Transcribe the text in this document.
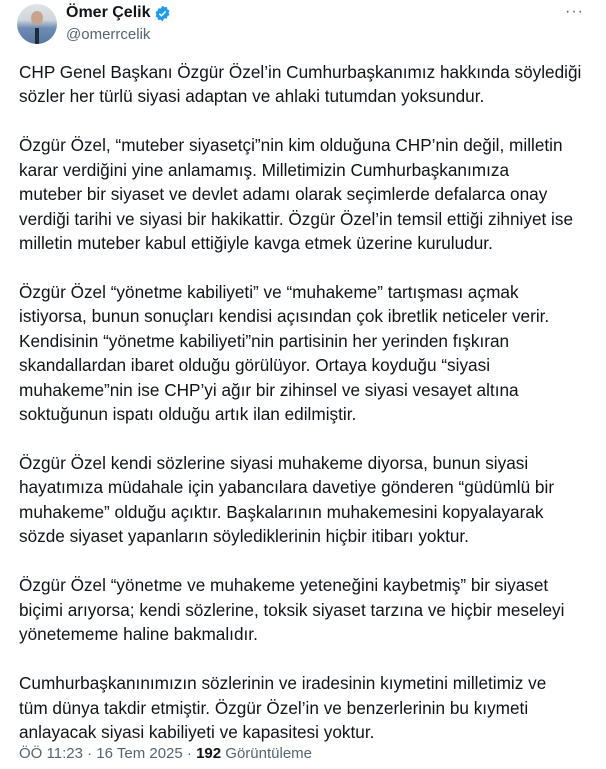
Ömer Çelik
@omerrcelik
···
CHP Genel Başkanı Özgür Özel’in Cumhurbaşkanımız hakkında söylediği
sözler her türlü siyasi adaptan ve ahlaki tutumdan yoksundur.
Özgür Özel, “muteber siyasetçi”nin kim olduğuna CHP’nin değil, milletin
karar verdiğini yine anlamamış. Milletimizin Cumhurbaşkanımıza
muteber bir siyaset ve devlet adamı olarak seçimlerde defalarca onay
verdiği tarihi ve siyasi bir hakikattir. Özgür Özel’in temsil ettiği zihniyet ise
milletin muteber kabul ettiğiyle kavga etmek üzerine kuruludur.
Özgür Özel “yönetme kabiliyeti” ve “muhakeme” tartışması açmak
istiyorsa, bunun sonuçları kendisi açısından çok ibretlik neticeler verir.
Kendisinin “yönetme kabiliyeti”nin partisinin her yerinden fışkıran
skandallardan ibaret olduğu görülüyor. Ortaya koyduğu “siyasi
muhakeme”nin ise CHP’yi ağır bir zihinsel ve siyasi vesayet altına
soktuğunun ispatı olduğu artık ilan edilmiştir.
Özgür Özel kendi sözlerine siyasi muhakeme diyorsa, bunun siyasi
hayatımıza müdahale için yabancılara davetiye gönderen “güdümlü bir
muhakeme” olduğu açıktır. Başkalarının muhakemesini kopyalayarak
sözde siyaset yapanların söylediklerinin hiçbir itibarı yoktur.
Özgür Özel “yönetme ve muhakeme yeteneğini kaybetmiş” bir siyaset
biçimi arıyorsa; kendi sözlerine, toksik siyaset tarzına ve hiçbir meseleyi
yönetememe haline bakmalıdır.
Cumhurbaşkanınımızın sözlerinin ve iradesinin kıymetini milletimiz ve
tüm dünya takdir etmiştir. Özgür Özel’in ve benzerlerinin bu kıymeti
anlayacak siyasi kabiliyeti ve kapasitesi yoktur.
ÖÖ 11:23 · 16 Tem 2025 · 192 Görüntüleme
